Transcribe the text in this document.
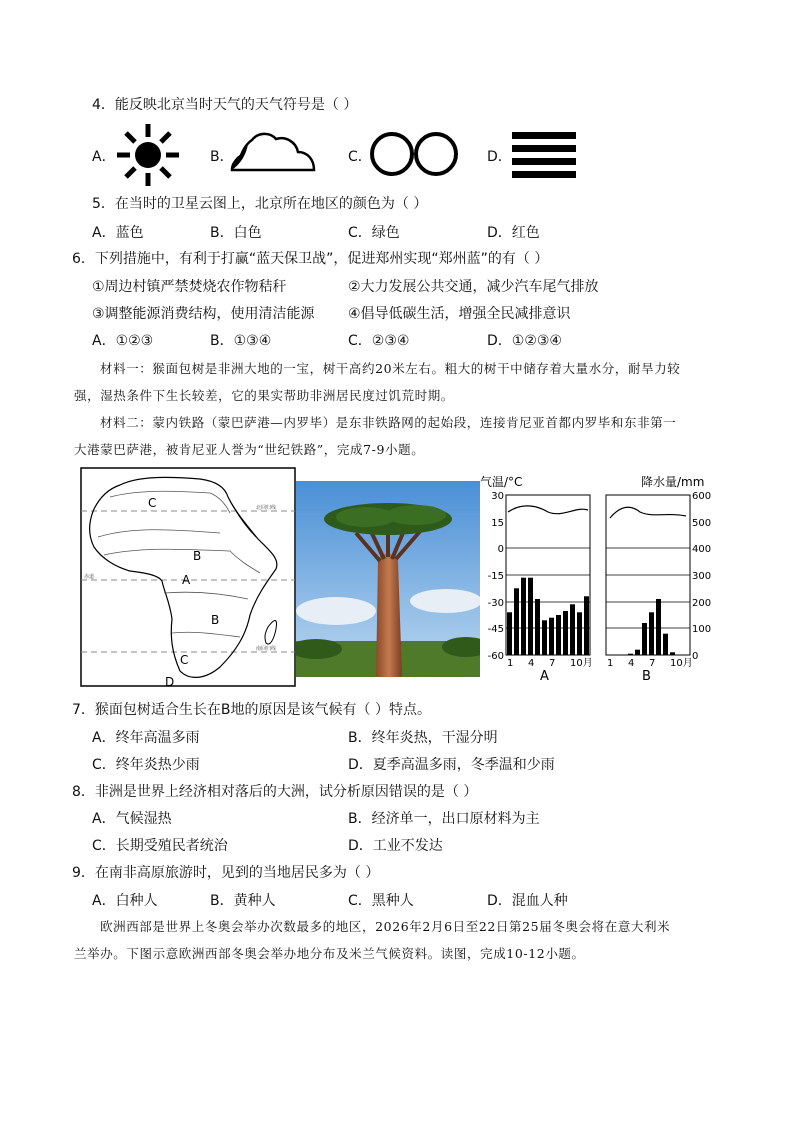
4．能反映北京当时天气的天气符号是（ ）
A．	B．	C．	D．
5．在当时的卫星云图上，北京所在地区的颜色为（ ）
A．蓝色	B．白色	C．绿色	D．红色
6．下列措施中，有利于打赢“蓝天保卫战”，促进郑州实现“郑州蓝”的有（ ）
①周边村镇严禁焚烧农作物秸秆	②大力发展公共交通，减少汽车尾气排放
③调整能源消费结构，使用清洁能源 ④倡导低碳生活，增强全民减排意识
A．①②③	B．①③④	C．②③④	D．①②③④
材料一：猴面包树是非洲大地的一宝，树干高约20米左右。粗大的树干中储存着大量水分，耐旱力较
强，湿热条件下生长较差，它的果实帮助非洲居民度过饥荒时期。
材料二：蒙内铁路（蒙巴萨港—内罗毕）是东非铁路网的起始段，连接肯尼亚首都内罗毕和东非第一
大港蒙巴萨港，被肯尼亚人誉为“世纪铁路”，完成7-9小题。
C
B
A
B
C
D
北回归线
赤道
南回归线
气温/°C	降水量/mm
30
15
0
-15
-30
-45
-60
600
500
400
300
200
100
0
1 4 7 10月 1 4 7 10月
A	B
7．猴面包树适合生长在B地的原因是该气候有（ ）特点。
A．终年高温多雨	B．终年炎热，干湿分明
C．终年炎热少雨	D．夏季高温多雨，冬季温和少雨
8．非洲是世界上经济相对落后的大洲，试分析原因错误的是（ ）
A．气候湿热	B．经济单一，出口原材料为主
C．长期受殖民者统治	D．工业不发达
9．在南非高原旅游时，见到的当地居民多为（ ）
A．白种人	B．黄种人	C．黑种人	D．混血人种
欧洲西部是世界上冬奥会举办次数最多的地区，2026年2月6日至22日第25届冬奥会将在意大利米
兰举办。下图示意欧洲西部冬奥会举办地分布及米兰气候资料。读图，完成10-12小题。
